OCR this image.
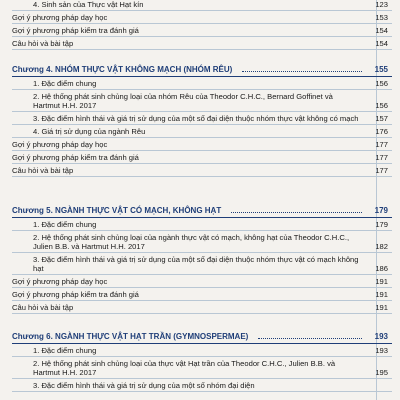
4. Sinh sản của Thực vật Hạt kín	123
Gợi ý phương pháp dạy học	153
Gợi ý phương pháp kiểm tra đánh giá	154
Câu hỏi và bài tập	154
Chương 4. NHÓM THỰC VẬT KHÔNG MẠCH (NHÓM RÊU)	155
1. Đặc điểm chung	156
2. Hệ thống phát sinh chủng loại của nhóm Rêu của Theodor C.H.C., Bernard Goffinet và Hartmut H.H. 2017	156
3. Đặc điểm hình thái và giá trị sử dụng của một số đại diện thuộc nhóm thực vật không có mạch	157
4. Giá trị sử dụng của ngành Rêu	176
Gợi ý phương pháp dạy học	177
Gợi ý phương pháp kiểm tra đánh giá	177
Câu hỏi và bài tập	177
Chương 5. NGÀNH THỰC VẬT CÓ MẠCH, KHÔNG HẠT	179
1. Đặc điểm chung	179
2. Hệ thống phát sinh chủng loại của ngành thực vật có mạch, không hạt của Theodor C.H.C., Julien B.B. và Hartmut H.H. 2017	182
3. Đặc điểm hình thái và giá trị sử dụng của một số đại diện thuộc nhóm thực vật có mạch không hạt	186
Gợi ý phương pháp dạy học	191
Gợi ý phương pháp kiểm tra đánh giá	191
Câu hỏi và bài tập	191
Chương 6. NGÀNH THỰC VẬT HẠT TRẦN (GYMNOSPERMAE)	193
1. Đặc điểm chung	193
2. Hệ thống phát sinh chủng loại của thực vật Hạt trần của Theodor C.H.C., Julien B.B. và Hartmut H.H. 2017	195
3. Đặc điểm hình thái và giá trị sử dụng của một số nhóm đại diện
